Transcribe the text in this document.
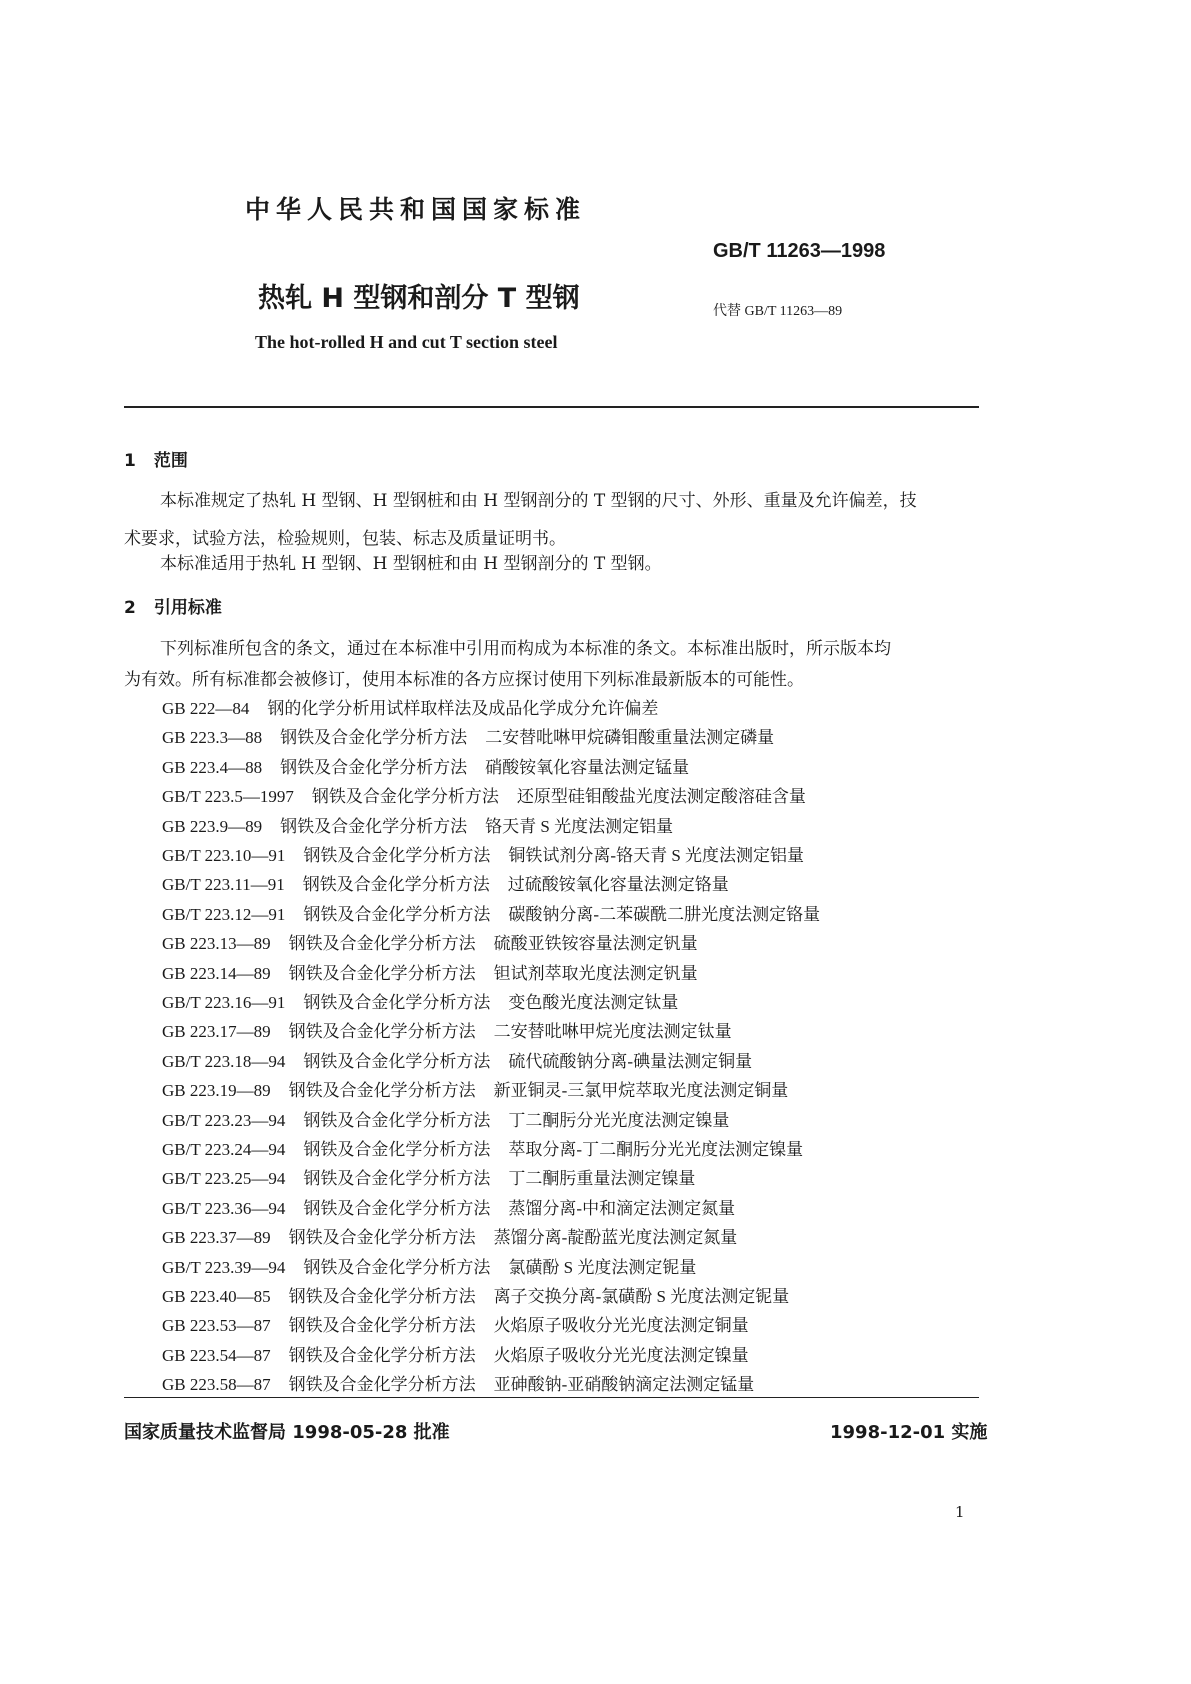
中华人民共和国国家标准
GB/T 11263—1998
热轧 H 型钢和剖分 T 型钢	代替 GB/T 11263—89
The hot-rolled H and cut T section steel
1 范围
本标准规定了热轧 H 型钢、H 型钢桩和由 H 型钢剖分的 T 型钢的尺寸、外形、重量及允许偏差，技
术要求，试验方法，检验规则，包装、标志及质量证明书。
本标准适用于热轧 H 型钢、H 型钢桩和由 H 型钢剖分的 T 型钢。
2 引用标准
下列标准所包含的条文，通过在本标准中引用而构成为本标准的条文。本标准出版时，所示版本均
为有效。所有标准都会被修订，使用本标准的各方应探讨使用下列标准最新版本的可能性。
GB 222—84 钢的化学分析用试样取样法及成品化学成分允许偏差
GB 223.3—88 钢铁及合金化学分析方法 二安替吡啉甲烷磷钼酸重量法测定磷量
GB 223.4—88 钢铁及合金化学分析方法 硝酸铵氧化容量法测定锰量
GB/T 223.5—1997 钢铁及合金化学分析方法 还原型硅钼酸盐光度法测定酸溶硅含量
GB 223.9—89 钢铁及合金化学分析方法 铬天青 S 光度法测定铝量
GB/T 223.10—91 钢铁及合金化学分析方法 铜铁试剂分离-铬天青 S 光度法测定铝量
GB/T 223.11—91 钢铁及合金化学分析方法 过硫酸铵氧化容量法测定铬量
GB/T 223.12—91 钢铁及合金化学分析方法 碳酸钠分离-二苯碳酰二肼光度法测定铬量
GB 223.13—89 钢铁及合金化学分析方法 硫酸亚铁铵容量法测定钒量
GB 223.14—89 钢铁及合金化学分析方法 钽试剂萃取光度法测定钒量
GB/T 223.16—91 钢铁及合金化学分析方法 变色酸光度法测定钛量
GB 223.17—89 钢铁及合金化学分析方法 二安替吡啉甲烷光度法测定钛量
GB/T 223.18—94 钢铁及合金化学分析方法 硫代硫酸钠分离-碘量法测定铜量
GB 223.19—89 钢铁及合金化学分析方法 新亚铜灵-三氯甲烷萃取光度法测定铜量
GB/T 223.23—94 钢铁及合金化学分析方法 丁二酮肟分光光度法测定镍量
GB/T 223.24—94 钢铁及合金化学分析方法 萃取分离-丁二酮肟分光光度法测定镍量
GB/T 223.25—94 钢铁及合金化学分析方法 丁二酮肟重量法测定镍量
GB/T 223.36—94 钢铁及合金化学分析方法 蒸馏分离-中和滴定法测定氮量
GB 223.37—89 钢铁及合金化学分析方法 蒸馏分离-靛酚蓝光度法测定氮量
GB/T 223.39—94 钢铁及合金化学分析方法 氯磺酚 S 光度法测定铌量
GB 223.40—85 钢铁及合金化学分析方法 离子交换分离-氯磺酚 S 光度法测定铌量
GB 223.53—87 钢铁及合金化学分析方法 火焰原子吸收分光光度法测定铜量
GB 223.54—87 钢铁及合金化学分析方法 火焰原子吸收分光光度法测定镍量
GB 223.58—87 钢铁及合金化学分析方法 亚砷酸钠-亚硝酸钠滴定法测定锰量
国家质量技术监督局 1998-05-28 批准	1998-12-01 实施
1
